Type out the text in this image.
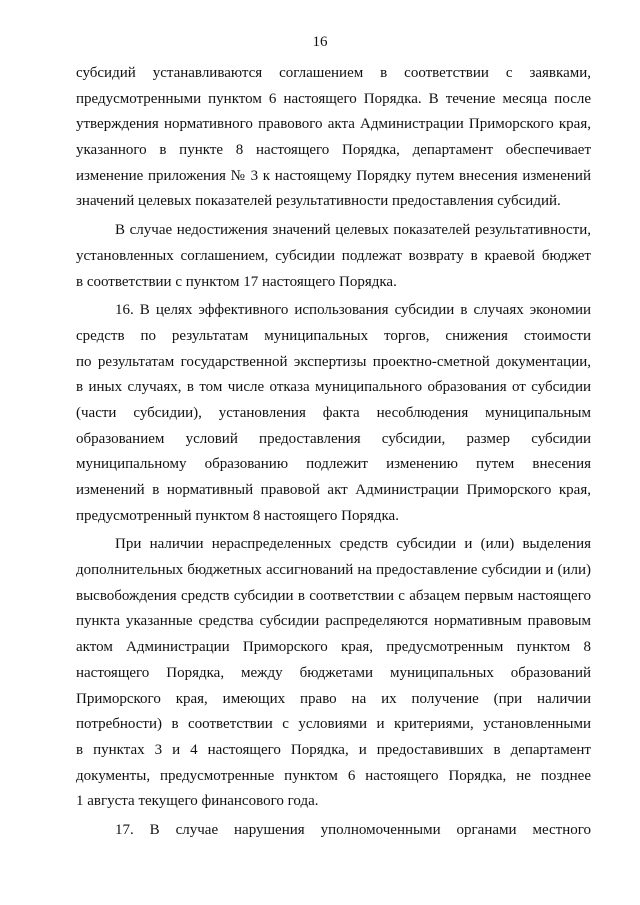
16
субсидий устанавливаются соглашением в соответствии с заявками,
предусмотренными пунктом 6 настоящего Порядка. В течение месяца после
утверждения нормативного правового акта Администрации Приморского края,
указанного в пункте 8 настоящего Порядка, департамент обеспечивает
изменение приложения № 3 к настоящему Порядку путем внесения изменений
значений целевых показателей результативности предоставления субсидий.
В случае недостижения значений целевых показателей результативности,
установленных соглашением, субсидии подлежат возврату в краевой бюджет
в соответствии с пунктом 17 настоящего Порядка.
16. В целях эффективного использования субсидии в случаях экономии
средств по результатам муниципальных торгов, снижения стоимости
по результатам государственной экспертизы проектно-сметной документации,
в иных случаях, в том числе отказа муниципального образования от субсидии
(части субсидии), установления факта несоблюдения муниципальным
образованием условий предоставления субсидии, размер субсидии
муниципальному образованию подлежит изменению путем внесения
изменений в нормативный правовой акт Администрации Приморского края,
предусмотренный пунктом 8 настоящего Порядка.
При наличии нераспределенных средств субсидии и (или) выделения
дополнительных бюджетных ассигнований на предоставление субсидии и (или)
высвобождения средств субсидии в соответствии с абзацем первым настоящего
пункта указанные средства субсидии распределяются нормативным правовым
актом Администрации Приморского края, предусмотренным пунктом 8
настоящего Порядка, между бюджетами муниципальных образований
Приморского края, имеющих право на их получение (при наличии
потребности) в соответствии с условиями и критериями, установленными
в пунктах 3 и 4 настоящего Порядка, и предоставивших в департамент
документы, предусмотренные пунктом 6 настоящего Порядка, не позднее
1 августа текущего финансового года.
17. В случае нарушения уполномоченными органами местного
